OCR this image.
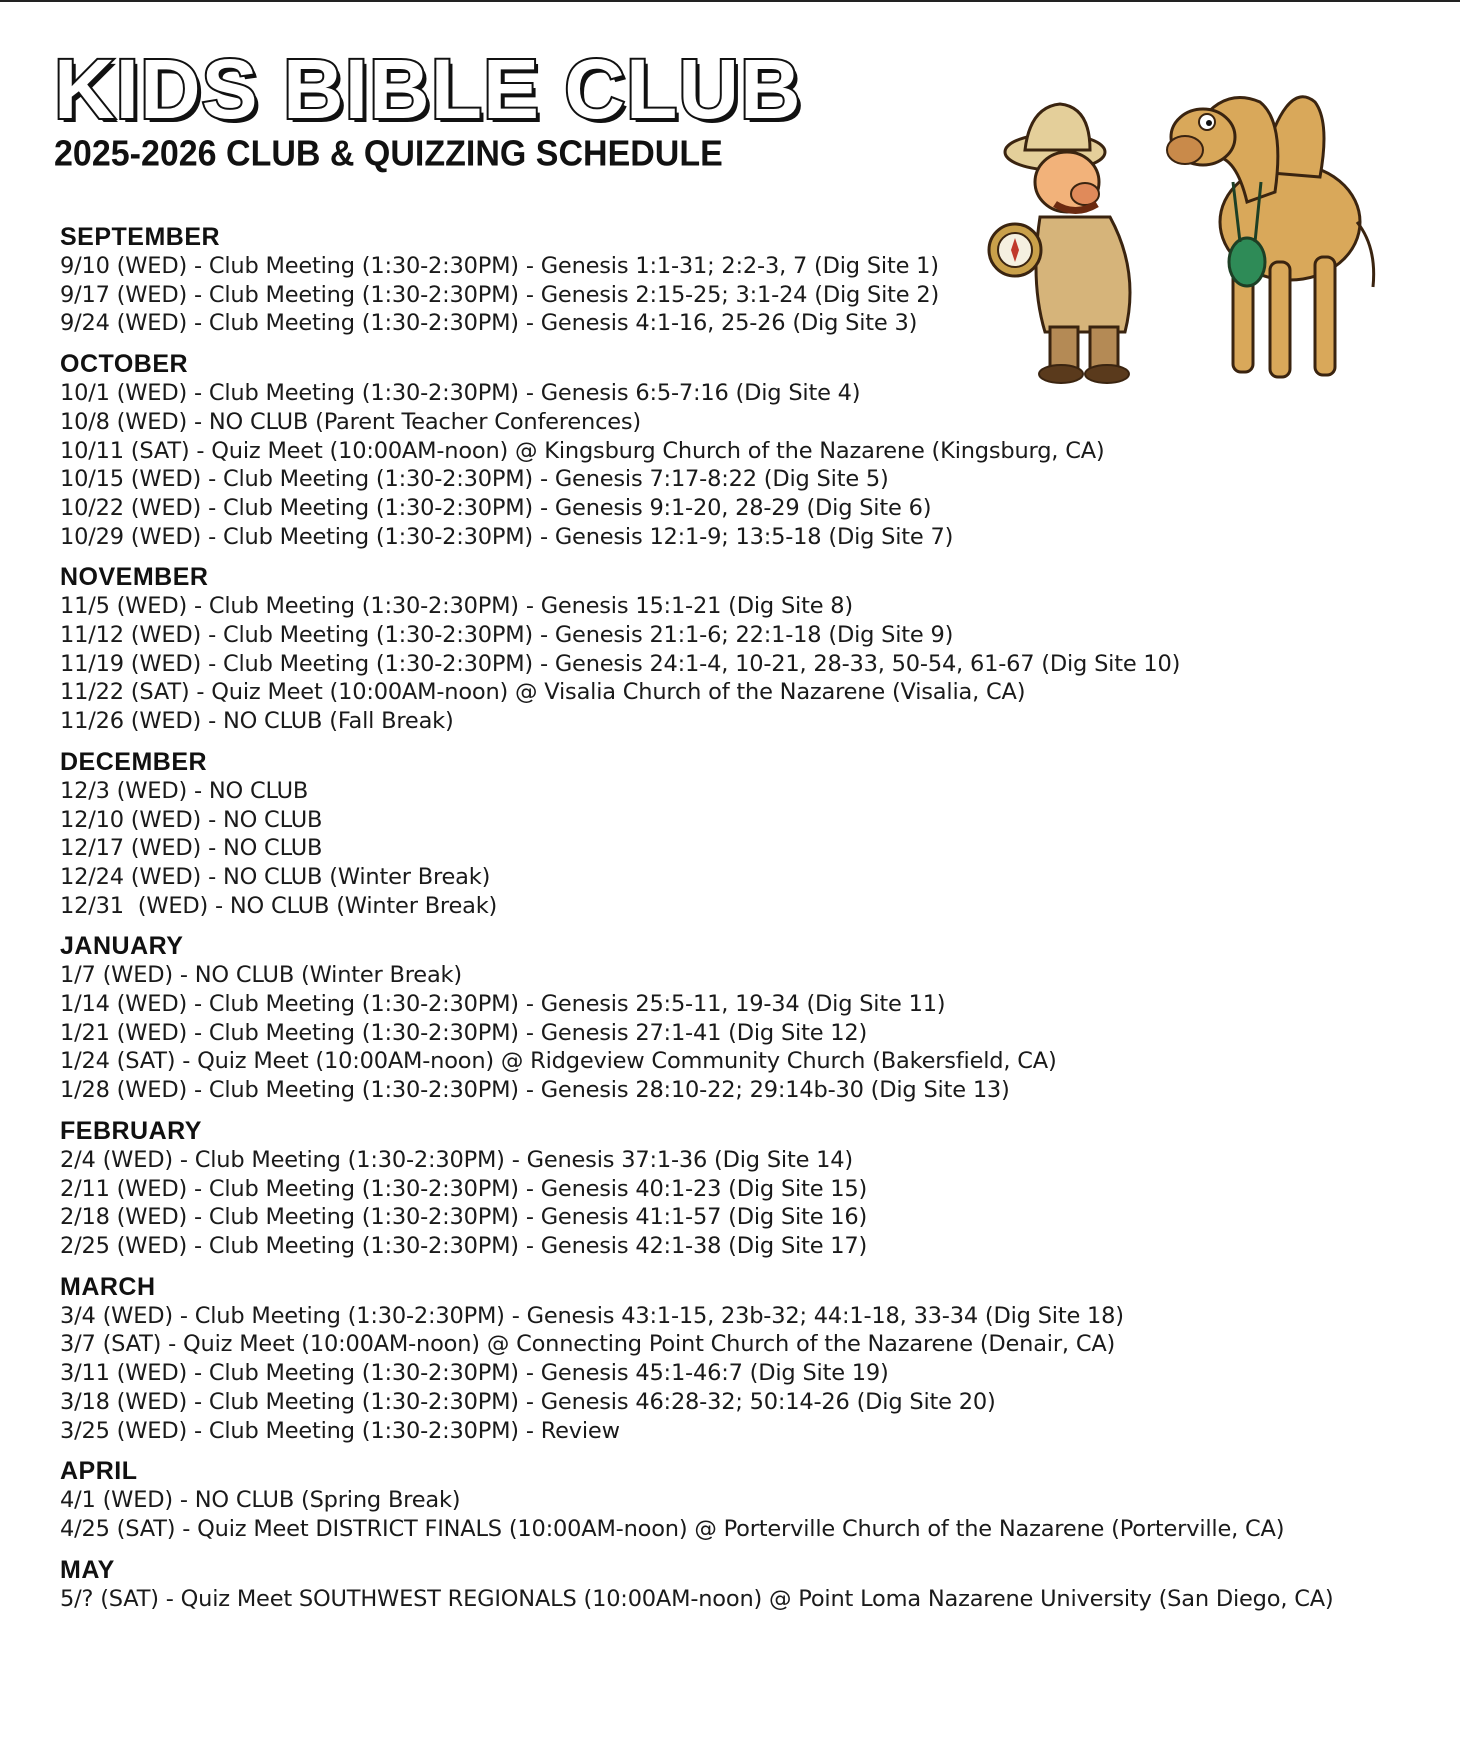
KIDS BIBLE CLUB
2025-2026 CLUB & QUIZZING SCHEDULE
SEPTEMBER
9/10 (WED) - Club Meeting (1:30-2:30PM) - Genesis 1:1-31; 2:2-3, 7 (Dig Site 1)
9/17 (WED) - Club Meeting (1:30-2:30PM) - Genesis 2:15-25; 3:1-24 (Dig Site 2)
9/24 (WED) - Club Meeting (1:30-2:30PM) - Genesis 4:1-16, 25-26 (Dig Site 3)
OCTOBER
10/1 (WED) - Club Meeting (1:30-2:30PM) - Genesis 6:5-7:16 (Dig Site 4)
10/8 (WED) - NO CLUB (Parent Teacher Conferences)
10/11 (SAT) - Quiz Meet (10:00AM-noon) @ Kingsburg Church of the Nazarene (Kingsburg, CA)
10/15 (WED) - Club Meeting (1:30-2:30PM) - Genesis 7:17-8:22 (Dig Site 5)
10/22 (WED) - Club Meeting (1:30-2:30PM) - Genesis 9:1-20, 28-29 (Dig Site 6)
10/29 (WED) - Club Meeting (1:30-2:30PM) - Genesis 12:1-9; 13:5-18 (Dig Site 7)
NOVEMBER
11/5 (WED) - Club Meeting (1:30-2:30PM) - Genesis 15:1-21 (Dig Site 8)
11/12 (WED) - Club Meeting (1:30-2:30PM) - Genesis 21:1-6; 22:1-18 (Dig Site 9)
11/19 (WED) - Club Meeting (1:30-2:30PM) - Genesis 24:1-4, 10-21, 28-33, 50-54, 61-67 (Dig Site 10)
11/22 (SAT) - Quiz Meet (10:00AM-noon) @ Visalia Church of the Nazarene (Visalia, CA)
11/26 (WED) - NO CLUB (Fall Break)
DECEMBER
12/3 (WED) - NO CLUB
12/10 (WED) - NO CLUB
12/17 (WED) - NO CLUB
12/24 (WED) - NO CLUB (Winter Break)
12/31  (WED) - NO CLUB (Winter Break)
JANUARY
1/7 (WED) - NO CLUB (Winter Break)
1/14 (WED) - Club Meeting (1:30-2:30PM) - Genesis 25:5-11, 19-34 (Dig Site 11)
1/21 (WED) - Club Meeting (1:30-2:30PM) - Genesis 27:1-41 (Dig Site 12)
1/24 (SAT) - Quiz Meet (10:00AM-noon) @ Ridgeview Community Church (Bakersfield, CA)
1/28 (WED) - Club Meeting (1:30-2:30PM) - Genesis 28:10-22; 29:14b-30 (Dig Site 13)
FEBRUARY
2/4 (WED) - Club Meeting (1:30-2:30PM) - Genesis 37:1-36 (Dig Site 14)
2/11 (WED) - Club Meeting (1:30-2:30PM) - Genesis 40:1-23 (Dig Site 15)
2/18 (WED) - Club Meeting (1:30-2:30PM) - Genesis 41:1-57 (Dig Site 16)
2/25 (WED) - Club Meeting (1:30-2:30PM) - Genesis 42:1-38 (Dig Site 17)
MARCH
3/4 (WED) - Club Meeting (1:30-2:30PM) - Genesis 43:1-15, 23b-32; 44:1-18, 33-34 (Dig Site 18)
3/7 (SAT) - Quiz Meet (10:00AM-noon) @ Connecting Point Church of the Nazarene (Denair, CA)
3/11 (WED) - Club Meeting (1:30-2:30PM) - Genesis 45:1-46:7 (Dig Site 19)
3/18 (WED) - Club Meeting (1:30-2:30PM) - Genesis 46:28-32; 50:14-26 (Dig Site 20)
3/25 (WED) - Club Meeting (1:30-2:30PM) - Review
APRIL
4/1 (WED) - NO CLUB (Spring Break)
4/25 (SAT) - Quiz Meet DISTRICT FINALS (10:00AM-noon) @ Porterville Church of the Nazarene (Porterville, CA)
MAY
5/? (SAT) - Quiz Meet SOUTHWEST REGIONALS (10:00AM-noon) @ Point Loma Nazarene University (San Diego, CA)
